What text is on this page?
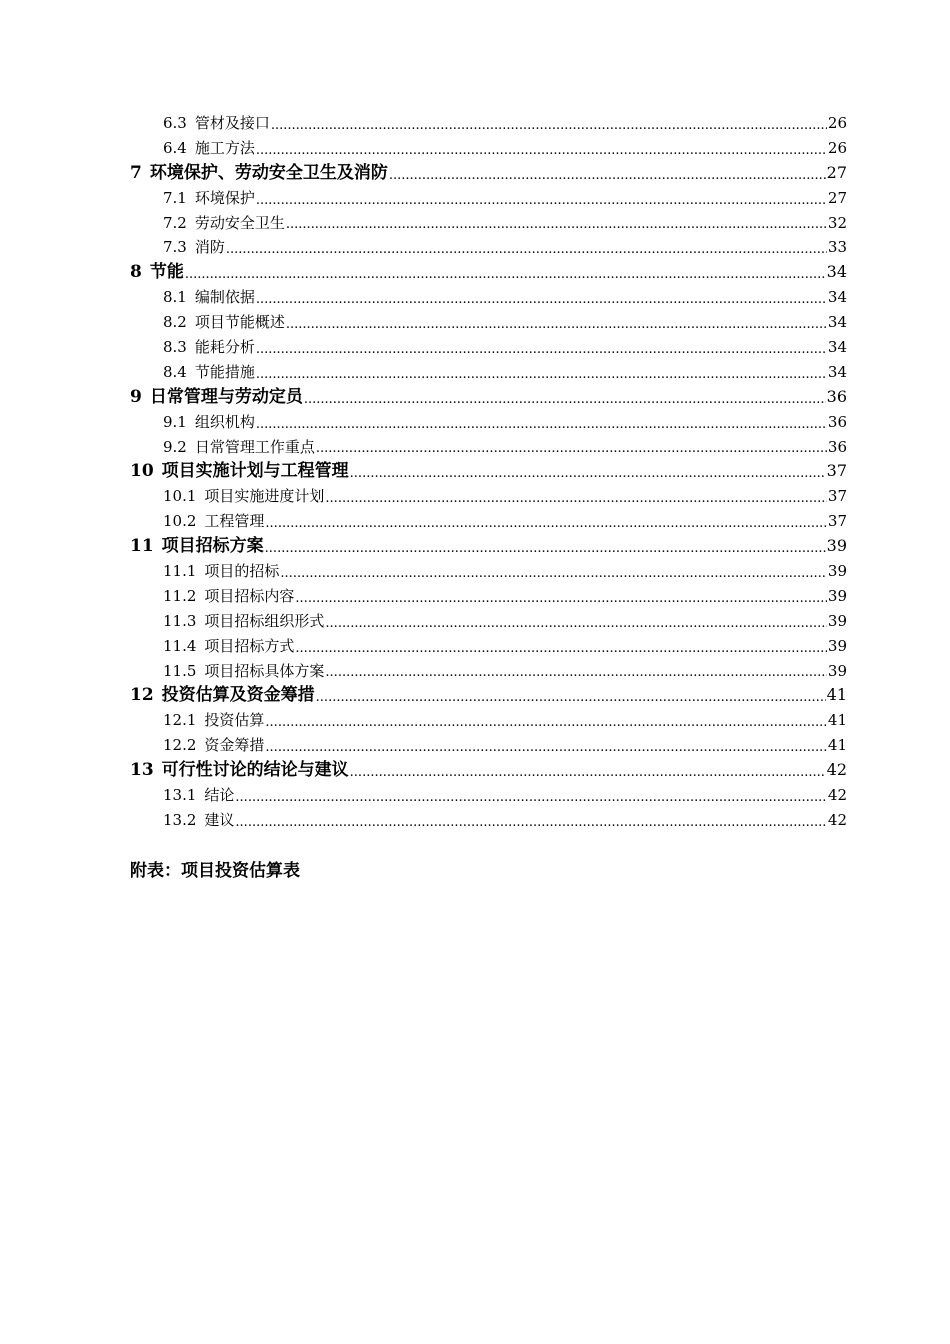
6.3 管材及接口 .....	26
6.4 施工方法 .....	26
7 环境保护、劳动安全卫生及消防 .....	27
7.1 环境保护 .....	27
7.2 劳动安全卫生 .....	32
7.3 消防 .....	33
8 节能 .....	34
8.1 编制依据 .....	34
8.2 项目节能概述 .....	34
8.3 能耗分析 .....	34
8.4 节能措施 .....	34
9 日常管理与劳动定员 .....	36
9.1 组织机构 .....	36
9.2 日常管理工作重点 .....	36
10 项目实施计划与工程管理 .....	37
10.1 项目实施进度计划 .....	37
10.2 工程管理 .....	37
11 项目招标方案 .....	39
11.1 项目的招标 .....	39
11.2 项目招标内容 .....	39
11.3 项目招标组织形式 .....	39
11.4 项目招标方式 .....	39
11.5 项目招标具体方案 .....	39
12 投资估算及资金筹措 .....	41
12.1 投资估算 .....	41
12.2 资金筹措 .....	41
13 可行性讨论的结论与建议 .....	42
13.1 结论 .....	42
13.2 建议 .....	42
附表：项目投资估算表
